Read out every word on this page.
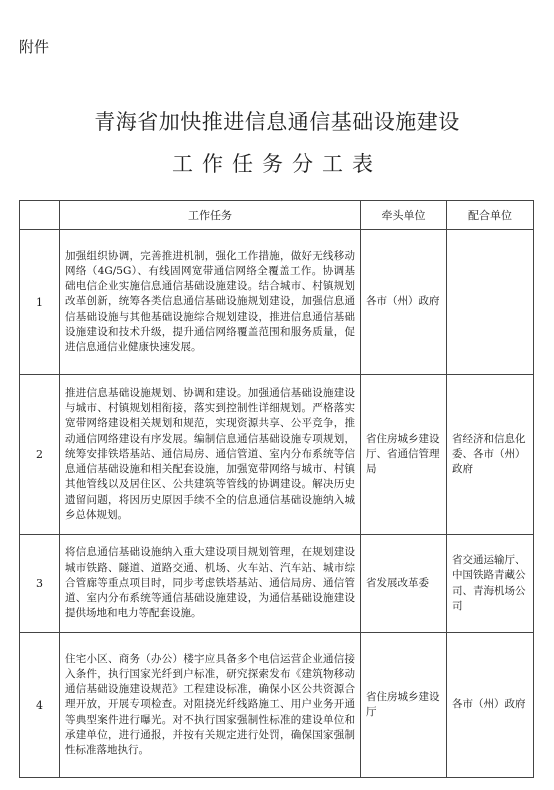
附件
青海省加快推进信息通信基础设施建设
工作任务分工表
	工作任务	牵头单位	配合单位
1	加强组织协调，完善推进机制，强化工作措施，做好无线移动网络（4G/5G）、有线固网宽带通信网络全覆盖工作。协调基础电信企业实施信息通信基础设施建设。结合城市、村镇规划改革创新，统筹各类信息通信基础设施规划建设，加强信息通信基础设施与其他基础设施综合规划建设，推进信息通信基础设施建设和技术升级，提升通信网络覆盖范围和服务质量，促进信息通信业健康快速发展。	各市（州）政府	
2	推进信息基础设施规划、协调和建设。加强通信基础设施建设与城市、村镇规划相衔接，落实到控制性详细规划。严格落实宽带网络建设相关规划和规范，实现资源共享、公平竞争，推动通信网络建设有序发展。编制信息通信基础设施专项规划，统筹安排铁塔基站、通信局房、通信管道、室内分布系统等信息通信基础设施和相关配套设施，加强宽带网络与城市、村镇其他管线以及居住区、公共建筑等管线的协调建设。解决历史遗留问题，将因历史原因手续不全的信息通信基础设施纳入城乡总体规划。	省住房城乡建设厅、省通信管理局	省经济和信息化委、各市（州）政府
3	将信息通信基础设施纳入重大建设项目规划管理，在规划建设城市铁路、隧道、道路交通、机场、火车站、汽车站、城市综合管廊等重点项目时，同步考虑铁塔基站、通信局房、通信管道、室内分布系统等通信基础设施建设，为通信基础设施建设提供场地和电力等配套设施。	省发展改革委	省交通运输厅、中国铁路青藏公司、青海机场公司
4	住宅小区、商务（办公）楼宇应具备多个电信运营企业通信接入条件，执行国家光纤到户标准，研究探索发布《建筑物移动通信基础设施建设规范》工程建设标准，确保小区公共资源合理开放，开展专项检查。对阻挠光纤线路施工、用户业务开通等典型案件进行曝光。对不执行国家强制性标准的建设单位和承建单位，进行通报，并按有关规定进行处罚，确保国家强制性标准落地执行。	省住房城乡建设厅	各市（州）政府
